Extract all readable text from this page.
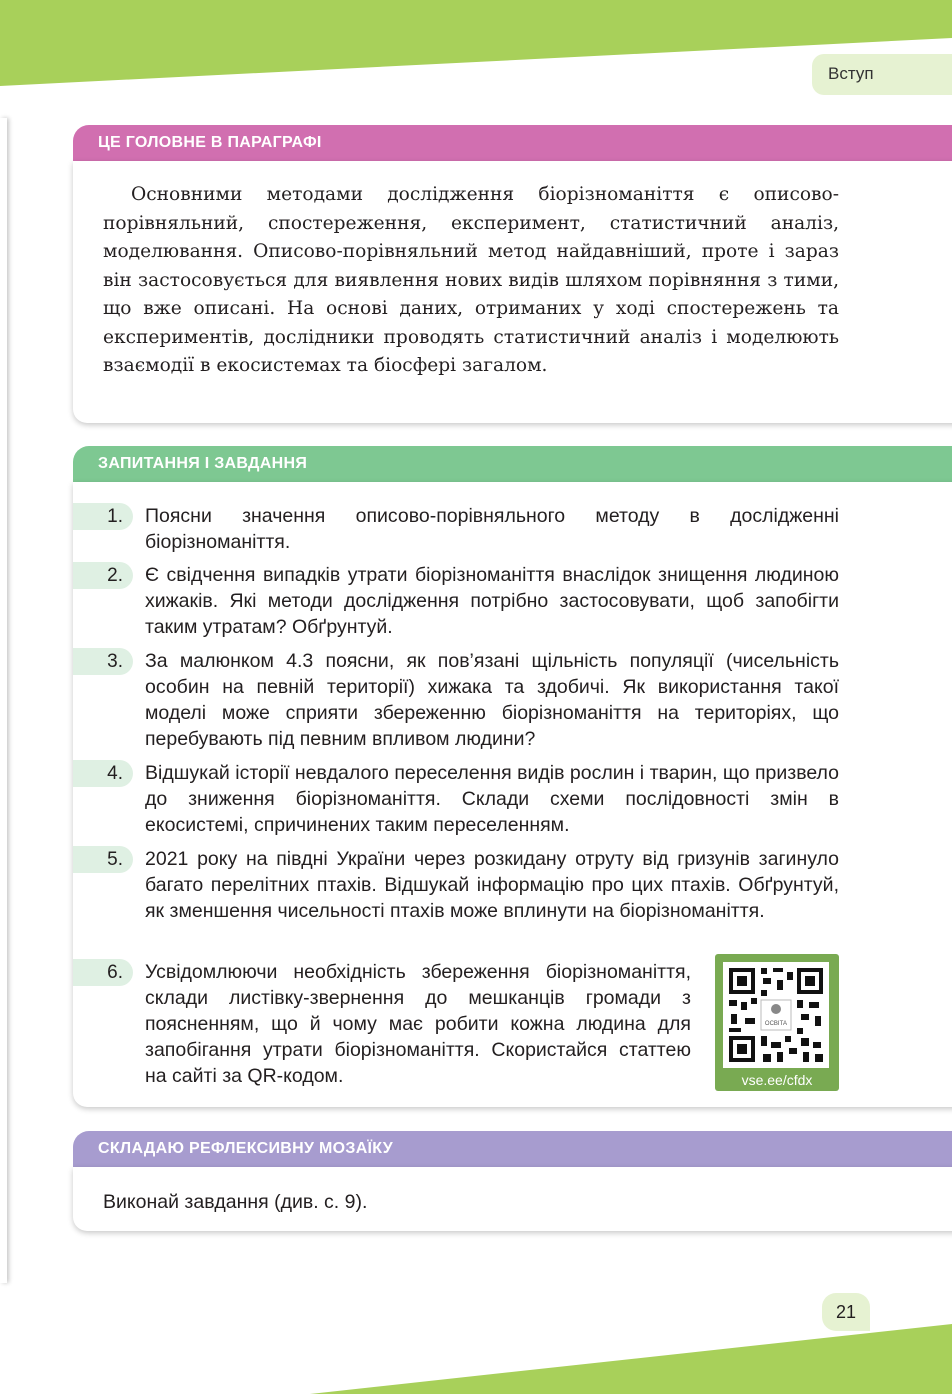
Вступ
ЦЕ ГОЛОВНЕ В ПАРАГРАФІ

Основними методами дослідження біорізноманіття є описово-порівняльний, спостереження, експеримент, статистичний аналіз, моделювання. Описово-порівняльний метод найдавніший, проте і зараз він застосовується для виявлення нових видів шляхом порівняння з тими, що вже описані. На основі даних, отриманих у ході спостережень та експериментів, дослідники проводять статистичний аналіз і моделюють взаємодії в екосистемах та біосфері загалом.

ЗАПИТАННЯ І ЗАВДАННЯ
1. Поясни значення описово-порівняльного методу в дослідженні біорізноманіття.

2. Є свідчення випадків утрати біорізноманіття внаслідок знищення людиною хижаків. Які методи дослідження потрібно застосовувати, щоб запобігти таким утратам? Обґрунтуй.

3. За малюнком 4.3 поясни, як пов’язані щільність популяції (чисельність особин на певній території) хижака та здобичі. Як використання такої моделі може сприяти збереженню біорізноманіття на територіях, що перебувають під певним впливом людини?

4. Відшукай історії невдалого переселення видів рослин і тварин, що призвело до зниження біорізноманіття. Склади схеми послідовності змін в екосистемі, спричинених таким переселенням.

5. 2021 року на півдні України через розкидану отруту від гризунів загинуло багато перелітних птахів. Відшукай інформацію про цих птахів. Обґрунтуй, як зменшення чисельності птахів може вплинути на біорізноманіття.

6. Усвідомлюючи необхідність збереження біорізноманіття, склади листівку-звернення до мешканців громади з поясненням, що й чому має робити кожна людина для запобігання утрати біорізноманіття. Скористайся статтею на сайті за QR-кодом.

ОСВІТА
vse.ee/cfdx
СКЛАДАЮ РЕФЛЕКСИВНУ МОЗАЇКУ

Виконай завдання (див. с. 9).

21
